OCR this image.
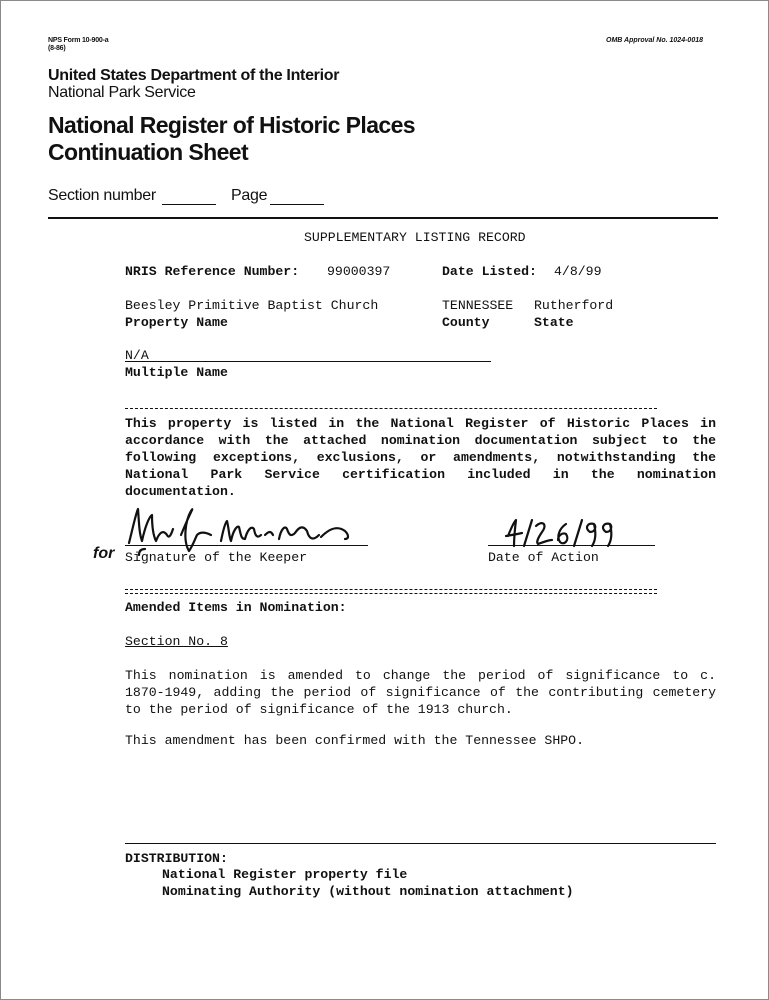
NPS Form 10-900-a
(8-86)
OMB Approval No. 1024-0018
United States Department of the Interior
National Park Service
National Register of Historic Places
Continuation Sheet
Section number	Page
SUPPLEMENTARY LISTING RECORD
NRIS Reference Number: 99000397	Date Listed: 4/8/99
Beesley Primitive Baptist Church
Property Name
TENNESSEE Rutherford
County	State
N/A
Multiple Name
This property is listed in the National Register of Historic Places in accordance with the attached nomination documentation subject to the following exceptions, exclusions, or amendments, notwithstanding the National Park Service certification included in the nomination documentation.
for Signature of the Keeper	Date of Action
Amended Items in Nomination:
Section No. 8
This nomination is amended to change the period of significance to c. 1870-1949, adding the period of significance of the contributing cemetery to the period of significance of the 1913 church.
This amendment has been confirmed with the Tennessee SHPO.
DISTRIBUTION:
National Register property file
Nominating Authority (without nomination attachment)
